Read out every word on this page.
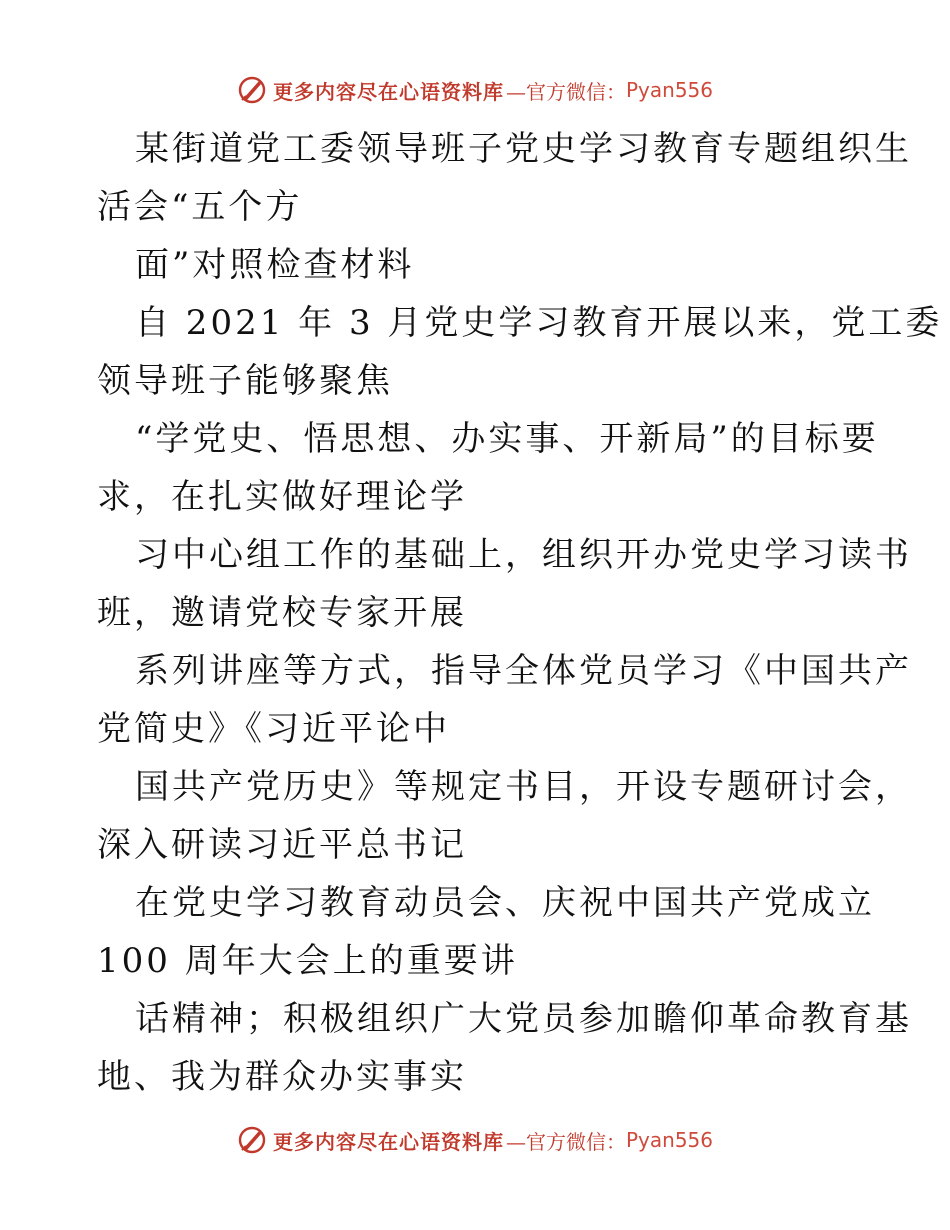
更多内容尽在心语资料库 —官方微信： Pyan556
某街道党工委领导班子党史学习教育专题组织生
活会“五个方
面”对照检查材料
自 2021 年 3 月党史学习教育开展以来，党工委
领导班子能够聚焦
“学党史、悟思想、办实事、开新局”的目标要
求，在扎实做好理论学
习中心组工作的基础上，组织开办党史学习读书
班，邀请党校专家开展
系列讲座等方式，指导全体党员学习《中国共产
党简史》《习近平论中
国共产党历史》等规定书目，开设专题研讨会，
深入研读习近平总书记
在党史学习教育动员会、庆祝中国共产党成立
100 周年大会上的重要讲
话精神；积极组织广大党员参加瞻仰革命教育基
地、我为群众办实事实
更多内容尽在心语资料库 —官方微信： Pyan556
